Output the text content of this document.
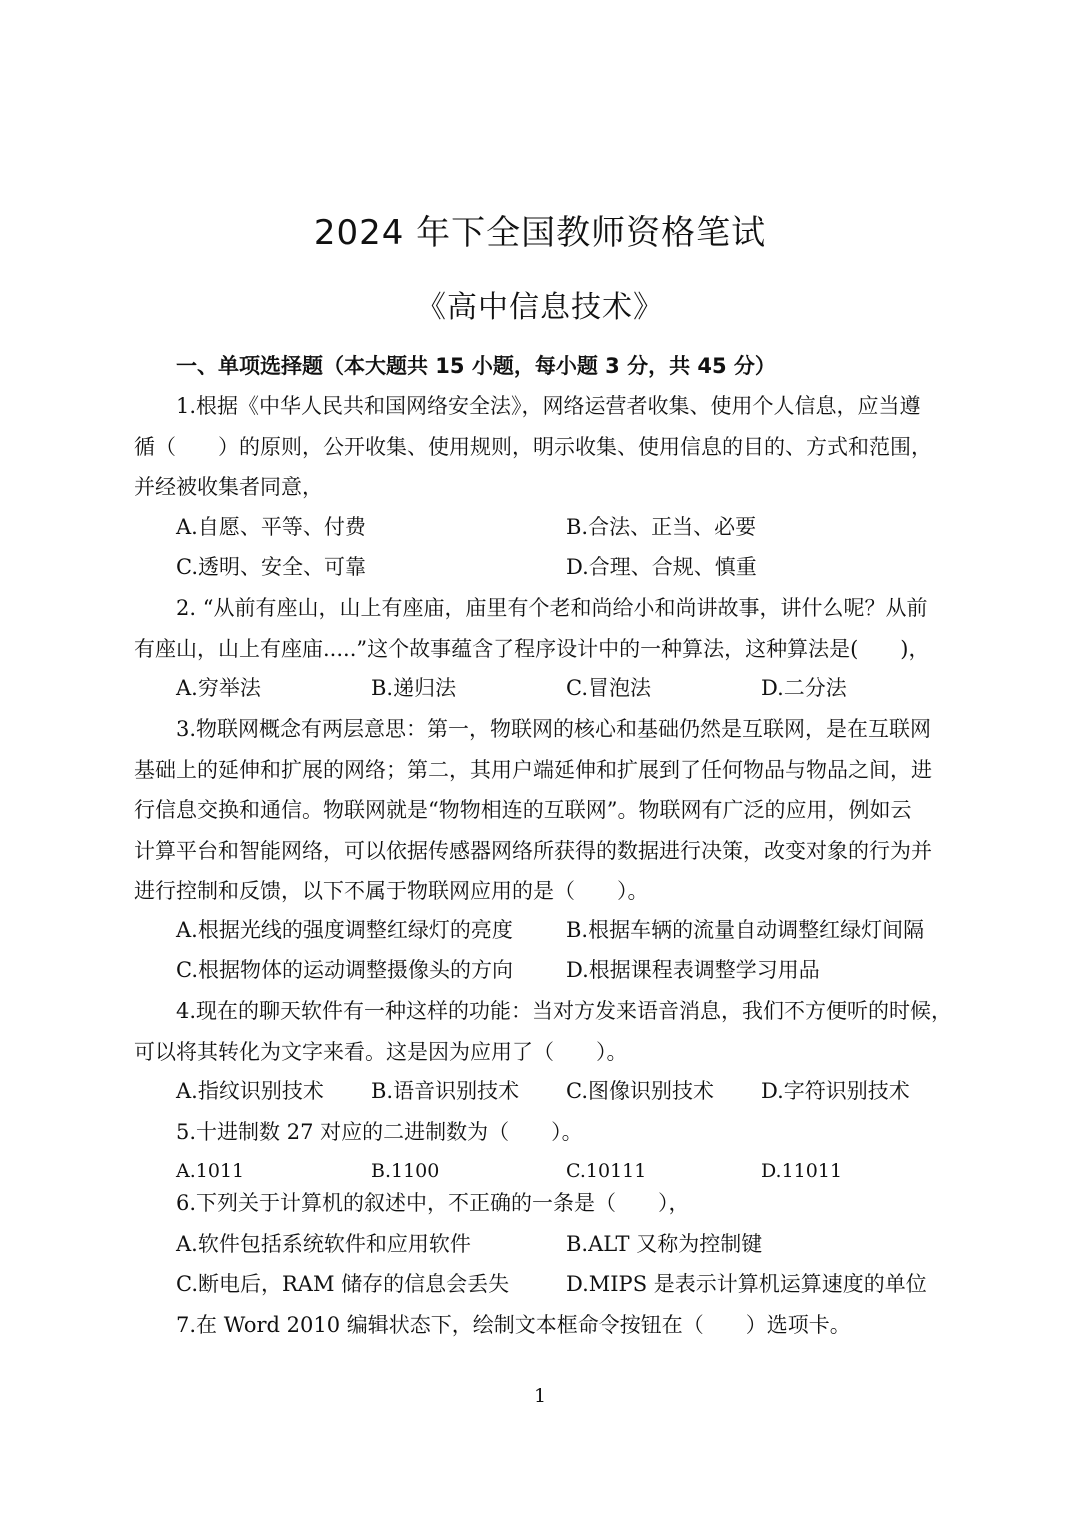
2024 年下全国教师资格笔试
《高中信息技术》
一、单项选择题（本大题共 15 小题，每小题 3 分，共 45 分）
1.根据《中华人民共和国网络安全法》，网络运营者收集、使用个人信息，应当遵
循（　　）的原则，公开收集、使用规则，明示收集、使用信息的目的、方式和范围，
并经被收集者同意，
A.自愿、平等、付费	B.合法、正当、必要
C.透明、安全、可靠	D.合理、合规、慎重
2. “从前有座山，山上有座庙，庙里有个老和尚给小和尚讲故事，讲什么呢？从前
有座山，山上有座庙.....”这个故事蕴含了程序设计中的一种算法，这种算法是(　　)，
A.穷举法	B.递归法	C.冒泡法	D.二分法
3.物联网概念有两层意思：第一，物联网的核心和基础仍然是互联网，是在互联网
基础上的延伸和扩展的网络；第二，其用户端延伸和扩展到了任何物品与物品之间，进
行信息交换和通信。物联网就是“物物相连的互联网”。物联网有广泛的应用，例如云
计算平台和智能网络，可以依据传感器网络所获得的数据进行决策，改变对象的行为并
进行控制和反馈，以下不属于物联网应用的是（　　）。
A.根据光线的强度调整红绿灯的亮度	B.根据车辆的流量自动调整红绿灯间隔
C.根据物体的运动调整摄像头的方向	D.根据课程表调整学习用品
4.现在的聊天软件有一种这样的功能：当对方发来语音消息，我们不方便听的时候，
可以将其转化为文字来看。这是因为应用了（　　）。
A.指纹识别技术 B.语音识别技术 C.图像识别技术 D.字符识别技术
5.十进制数 27 对应的二进制数为（　　）。
A.1011	B.1100	C.10111	D.11011
6.下列关于计算机的叙述中，不正确的一条是（　　），
A.软件包括系统软件和应用软件	B.ALT 又称为控制键
C.断电后，RAM 储存的信息会丢失	D.MIPS 是表示计算机运算速度的单位
7.在 Word 2010 编辑状态下，绘制文本框命令按钮在（　　）选项卡。
1
